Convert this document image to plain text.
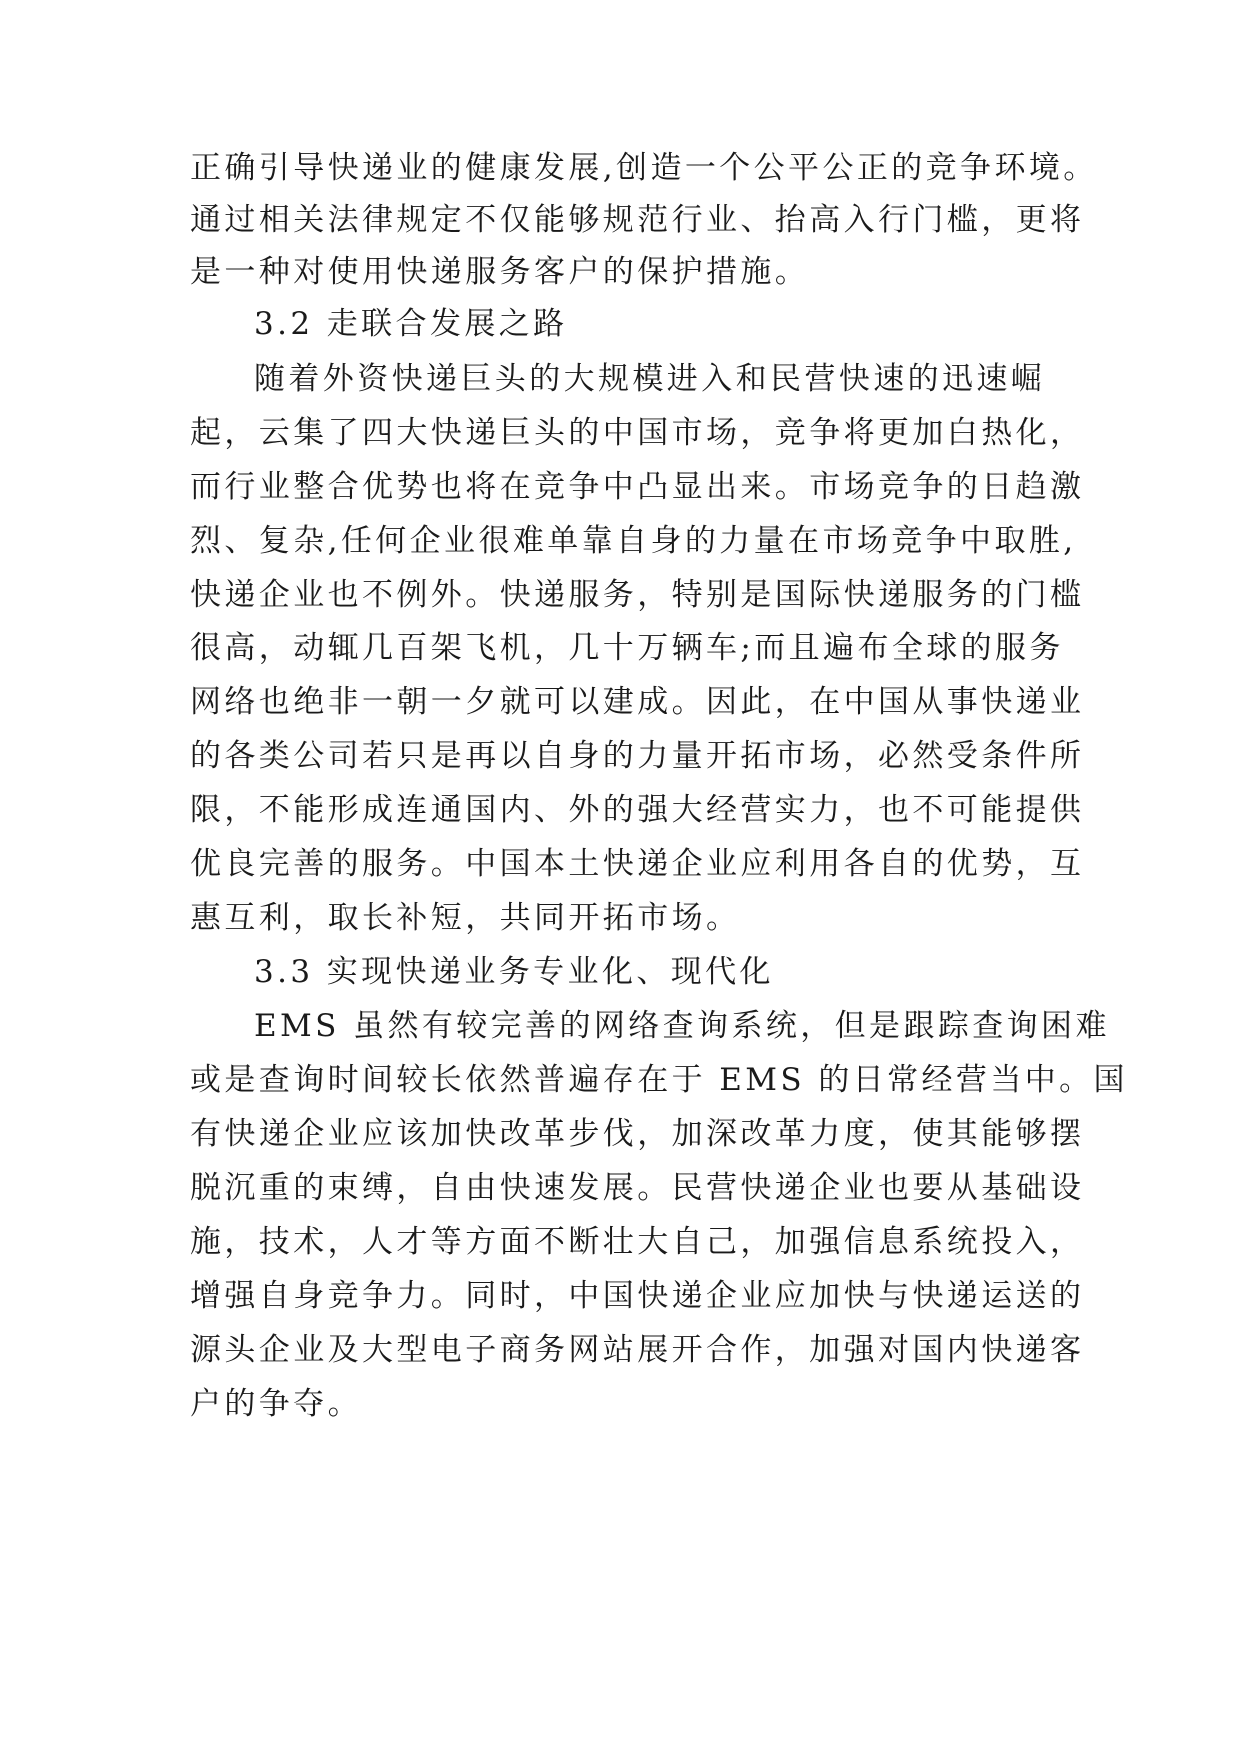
正确引导快递业的健康发展,创造一个公平公正的竞争环境。
通过相关法律规定不仅能够规范行业、抬高入行门槛，更将
是一种对使用快递服务客户的保护措施。
3.2 走联合发展之路
随着外资快递巨头的大规模进入和民营快速的迅速崛
起，云集了四大快递巨头的中国市场，竞争将更加白热化，
而行业整合优势也将在竞争中凸显出来。市场竞争的日趋激
烈、复杂,任何企业很难单靠自身的力量在市场竞争中取胜,
快递企业也不例外。快递服务，特别是国际快递服务的门槛
很高，动辄几百架飞机，几十万辆车;而且遍布全球的服务
网络也绝非一朝一夕就可以建成。因此，在中国从事快递业
的各类公司若只是再以自身的力量开拓市场，必然受条件所
限，不能形成连通国内、外的强大经营实力，也不可能提供
优良完善的服务。中国本土快递企业应利用各自的优势，互
惠互利，取长补短，共同开拓市场。
3.3 实现快递业务专业化、现代化
EMS 虽然有较完善的网络查询系统，但是跟踪查询困难
或是查询时间较长依然普遍存在于 EMS 的日常经营当中。国
有快递企业应该加快改革步伐，加深改革力度，使其能够摆
脱沉重的束缚，自由快速发展。民营快递企业也要从基础设
施，技术，人才等方面不断壮大自己，加强信息系统投入，
增强自身竞争力。同时，中国快递企业应加快与快递运送的
源头企业及大型电子商务网站展开合作，加强对国内快递客
户的争夺。
